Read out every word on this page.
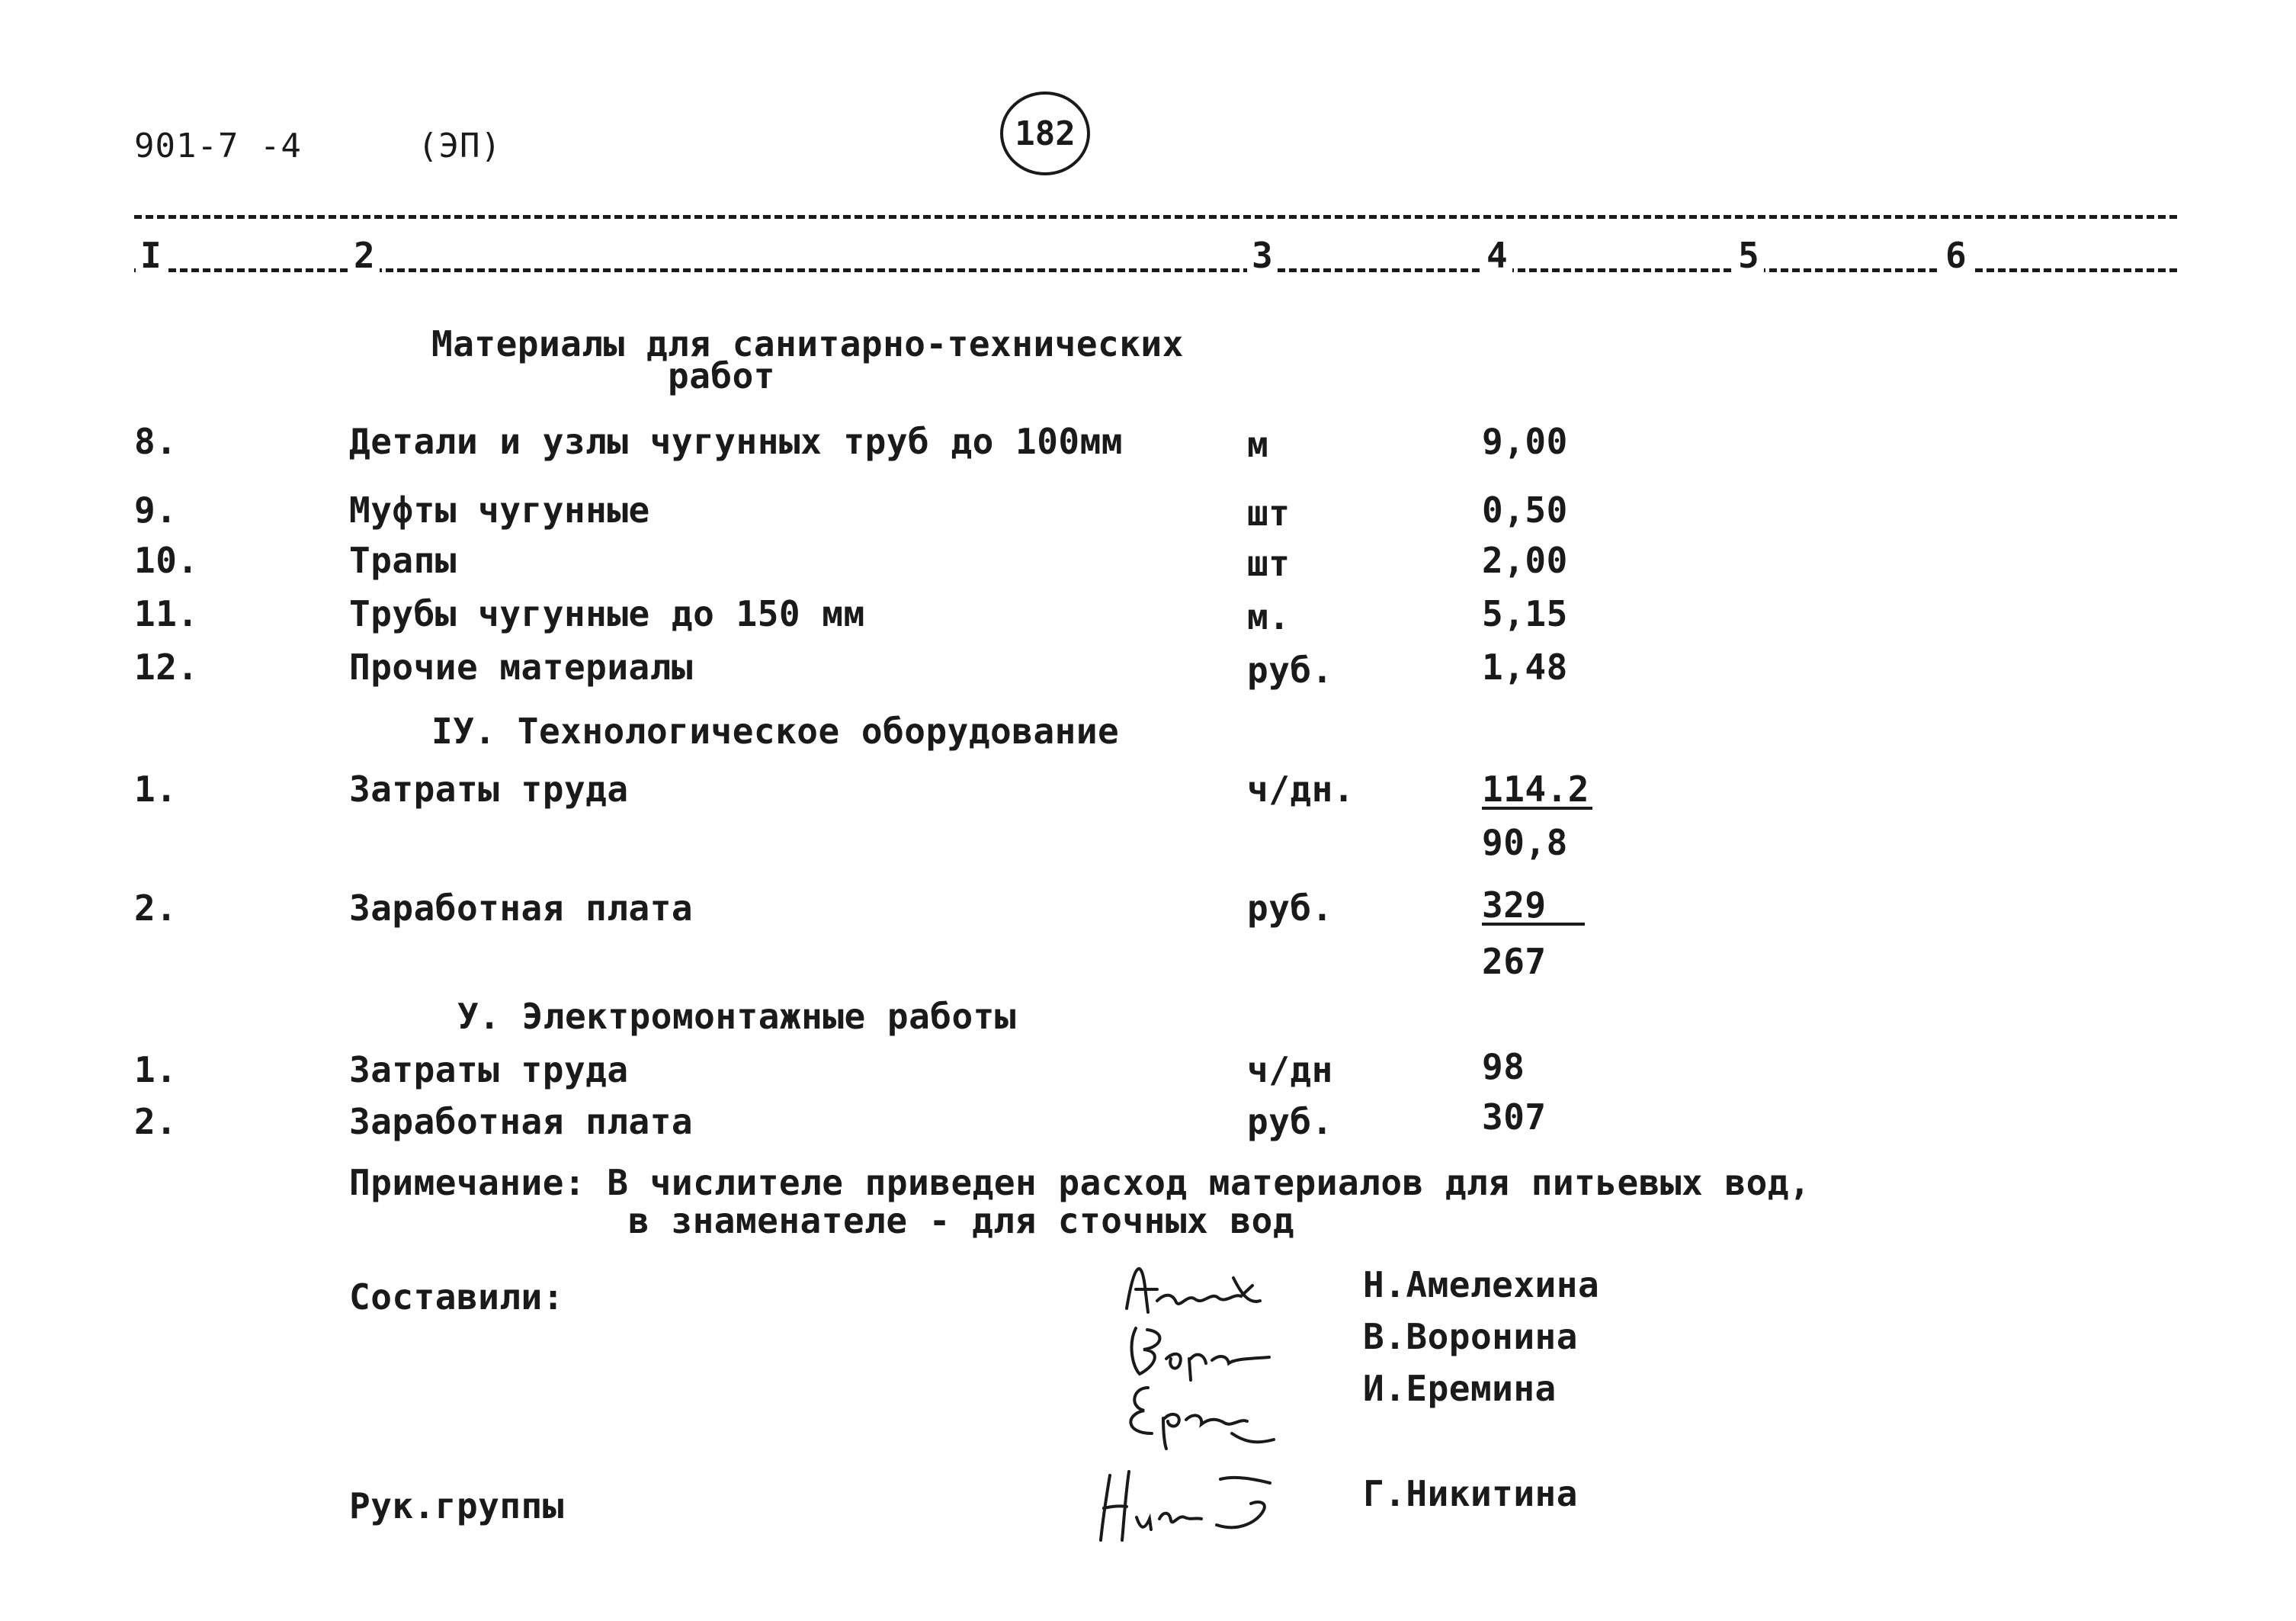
901-7 -4	(ЭП)	182
I	2	3	4	5	6
Материалы для санитарно-технических
работ
8.	Детали и узлы чугунных труб до 100мм	м	9,00
9.	Муфты чугунные	шт	0,50
10.	Трапы	шт	2,00
11.	Трубы чугунные до 150 мм	м.	5,15
12.	Прочие материалы	руб.	1,48
IУ. Технологическое оборудование
1.	Затраты труда	ч/дн.	114.2
90,8
2.	Заработная плата	руб.	329
267
У. Электромонтажные работы
1.	Затраты труда	ч/дн	98
2.	Заработная плата	руб.	307
Примечание: В числителе приведен расход материалов для питьевых вод,
в знаменателе - для сточных вод
Составили:	Н.Амелехина
В.Воронина
И.Еремина
Рук.группы	Г.Никитина
